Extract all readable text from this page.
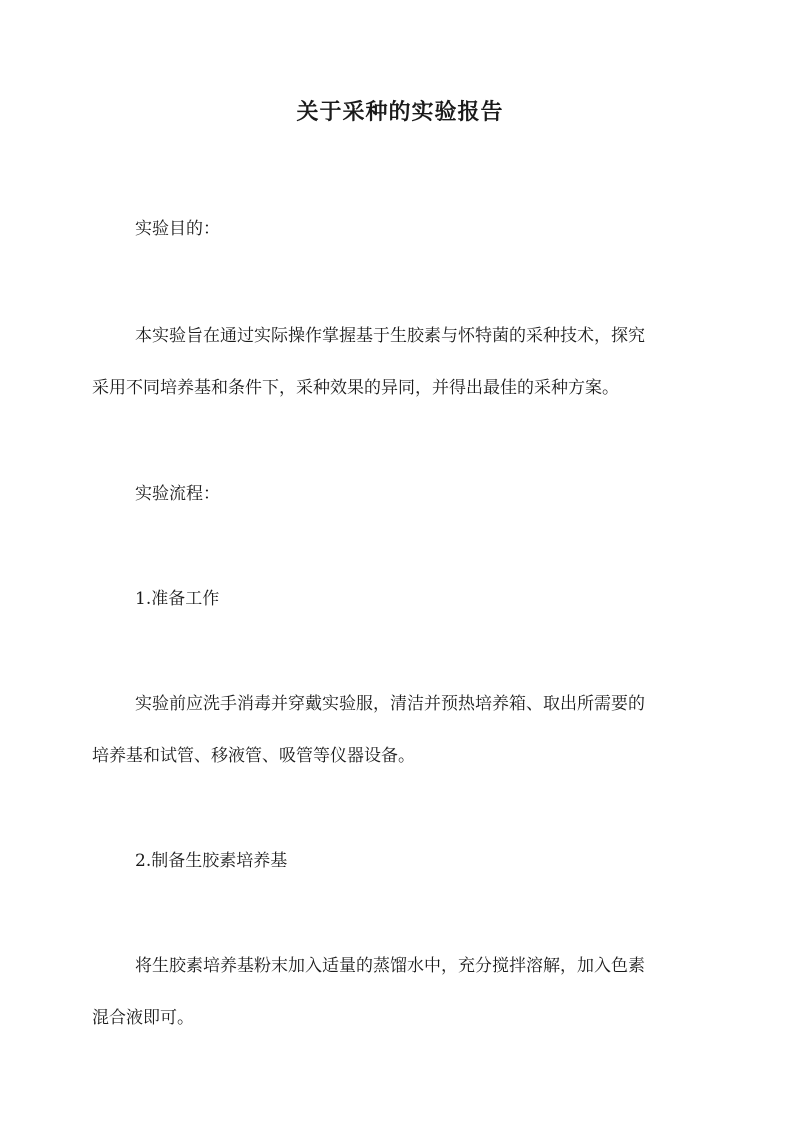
关于采种的实验报告
实验目的：
本实验旨在通过实际操作掌握基于生胶素与怀特菌的采种技术，探究
采用不同培养基和条件下，采种效果的异同，并得出最佳的采种方案。
实验流程：
1.准备工作
实验前应洗手消毒并穿戴实验服，清洁并预热培养箱、取出所需要的
培养基和试管、移液管、吸管等仪器设备。
2.制备生胶素培养基
将生胶素培养基粉末加入适量的蒸馏水中，充分搅拌溶解，加入色素
混合液即可。
